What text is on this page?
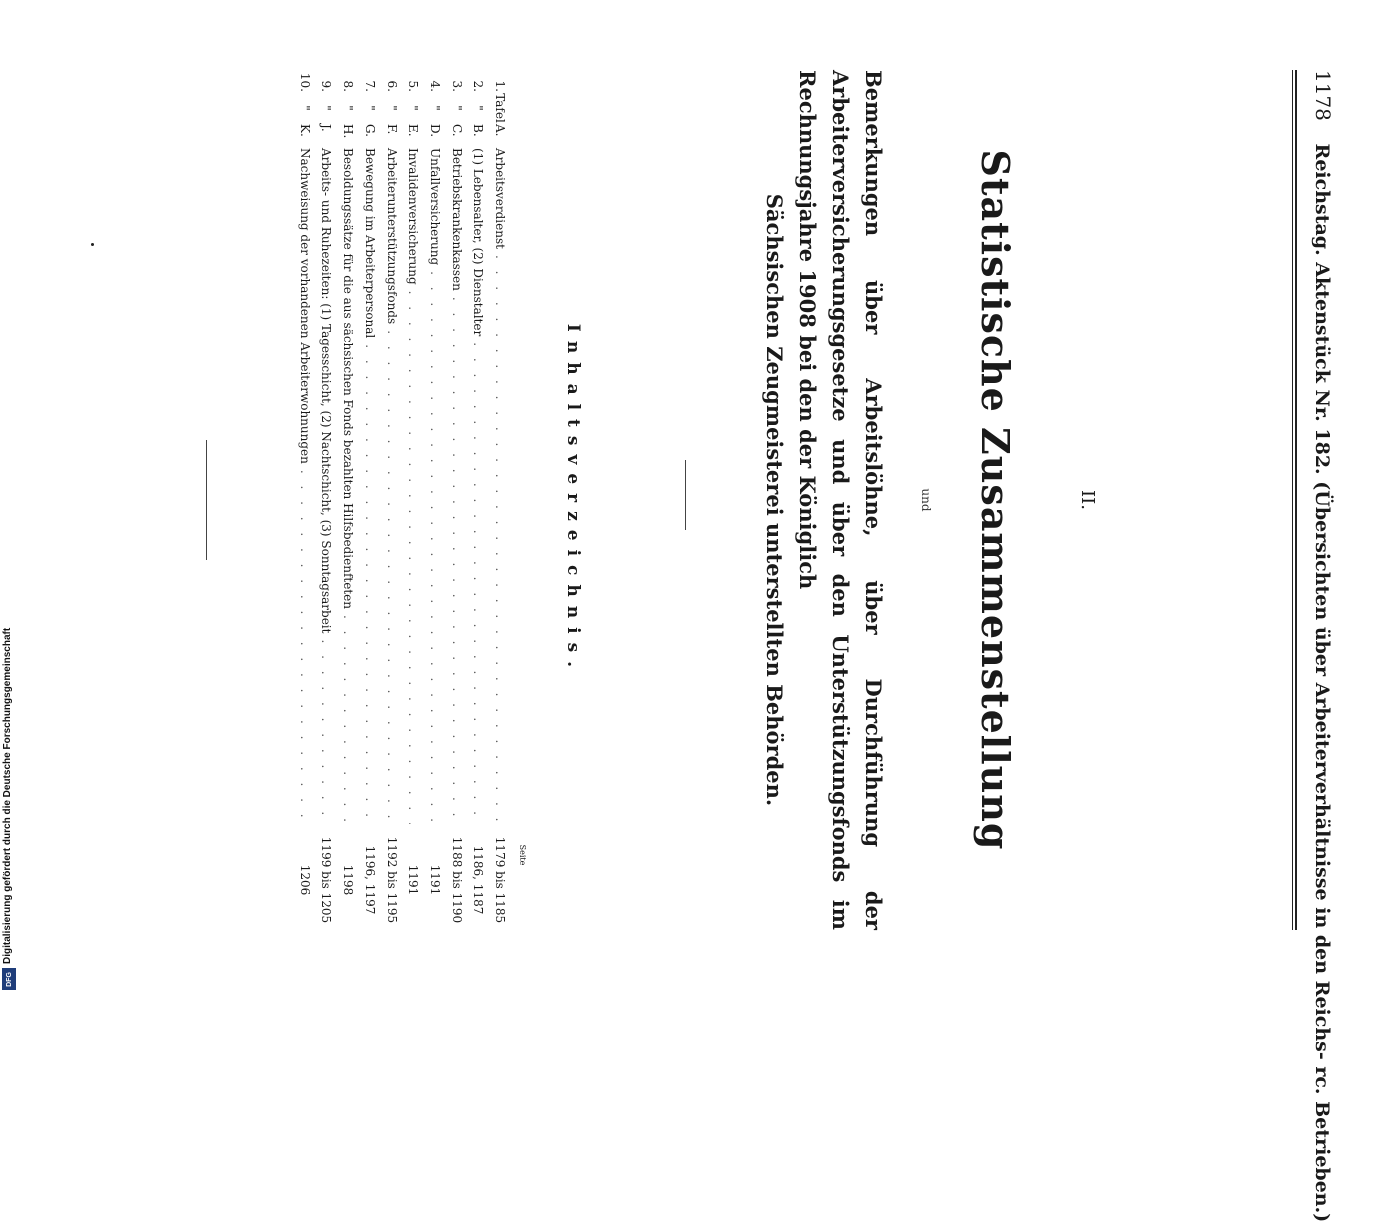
1178 Reichstag. Aktenstück Nr. 182. (Übersichten über Arbeiterverhältnisse in den Reichs- rc. Betrieben.)
II.
Statistische Zusammenstellung
und
Bemerkungen über Arbeitslöhne, über Durchführung der Arbeiterversicherungsgesetze und über den Unterstützungsfonds im Rechnungsjahre 1908 bei den der Königlich
Sächsischen Zeugmeisterei unterstellten Behörden.
Inhaltsverzeichnis.
Seite
1.
Tafel
A.
Arbeitsverdienst
. . .
1179 bis 1185
2.
"
B.
(1) Lebensalter, (2) Dienstalter
. . .
1186, 1187
3.
"
C.
Betriebskrankenkassen
. . .
1188 bis 1190
4.
"
D.
Unfallversicherung
. . .
1191
5.
"
E.
Invalidenversicherung
. . .
1191
6.
"
F.
Arbeiterunterstützungsfonds
. . .
1192 bis 1195
7.
"
G.
Bewegung im Arbeiterpersonal
. . .
1196, 1197
8.
"
H.
Besoldungssätze für die aus sächsischen Fonds bezahlten Hilfsbedienfteten
. . .
1198
9.
"
J.
Arbeits- und Ruhezeiten: (1) Tagesschicht, (2) Nachtschicht, (3) Sonntagsarbeit
. . .
1199 bis 1205
10.
"
K.
Nachweisung der vorhandenen Arbeiterwohnungen
. . .
1206
Digitalisierung gefördert durch die Deutsche Forschungsgemeinschaft
DFG
